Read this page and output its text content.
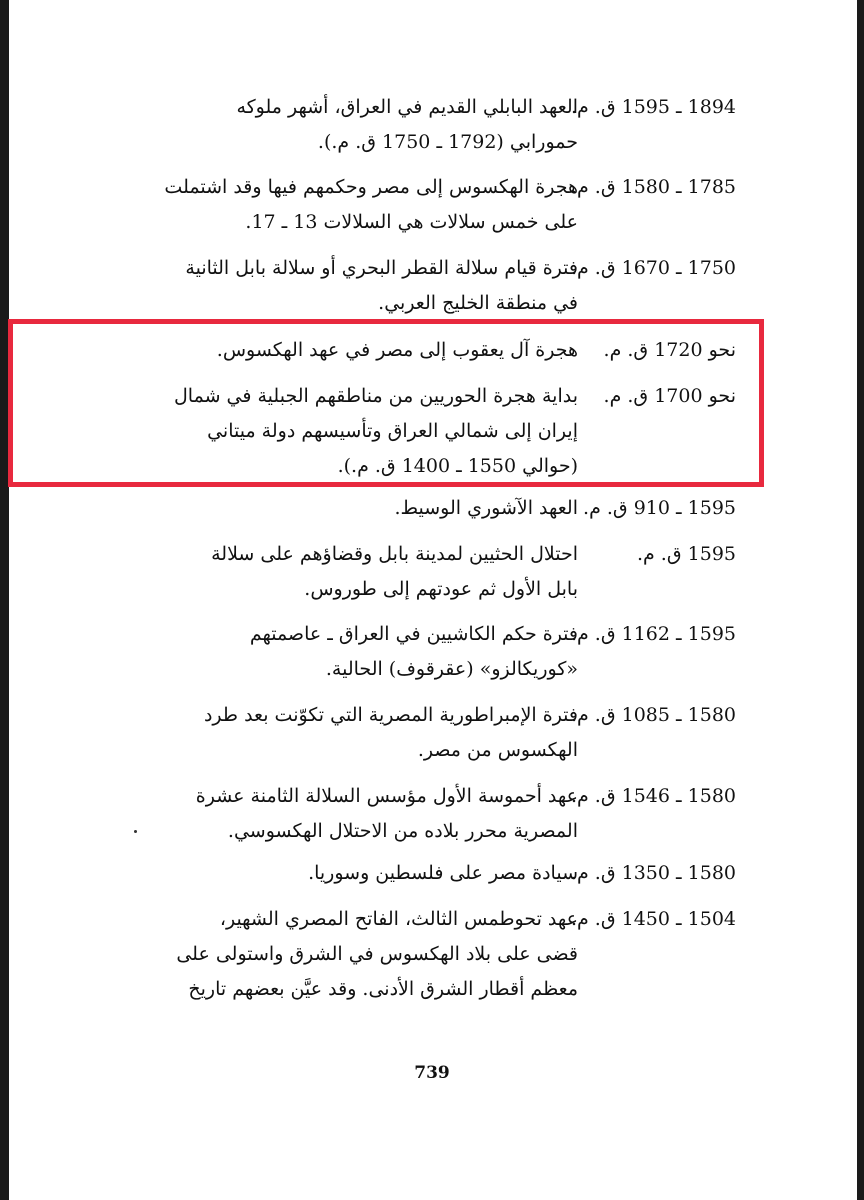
1894 ـ 1595 ق. م.
العهد البابلي القديم في العراق، أشهر ملوكه
حمورابي (1792 ـ 1750 ق. م.).
1785 ـ 1580 ق. م.
هجرة الهكسوس إلى مصر وحكمهم فيها وقد اشتملت
على خمس سلالات هي السلالات 13 ـ 17.
1750 ـ 1670 ق. م.
فترة قيام سلالة القطر البحري أو سلالة بابل الثانية
في منطقة الخليج العربي.
نحو 1720 ق. م.
هجرة آل يعقوب إلى مصر في عهد الهكسوس.
نحو 1700 ق. م.
بداية هجرة الحوريين من مناطقهم الجبلية في شمال
إيران إلى شمالي العراق وتأسيسهم دولة ميتاني
(حوالي 1550 ـ 1400 ق. م.).
1595 ـ 910 ق. م.
العهد الآشوري الوسيط.
1595 ق. م.
احتلال الحثيين لمدينة بابل وقضاؤهم على سلالة
بابل الأول ثم عودتهم إلى طوروس.
1595 ـ 1162 ق. م.
فترة حكم الكاشيين في العراق ـ عاصمتهم
«كوريكالزو» (عقرقوف) الحالية.
1580 ـ 1085 ق. م.
فترة الإمبراطورية المصرية التي تكوّنت بعد طرد
الهكسوس من مصر.
1580 ـ 1546 ق. م.
عهد أحموسة الأول مؤسس السلالة الثامنة عشرة
المصرية محرر بلاده من الاحتلال الهكسوسي.
1580 ـ 1350 ق. م.
سيادة مصر على فلسطين وسوريا.
1504 ـ 1450 ق. م.
عهد تحوطمس الثالث، الفاتح المصري الشهير،
قضى على بلاد الهكسوس في الشرق واستولى على
معظم أقطار الشرق الأدنى. وقد عيَّن بعضهم تاريخ
739
